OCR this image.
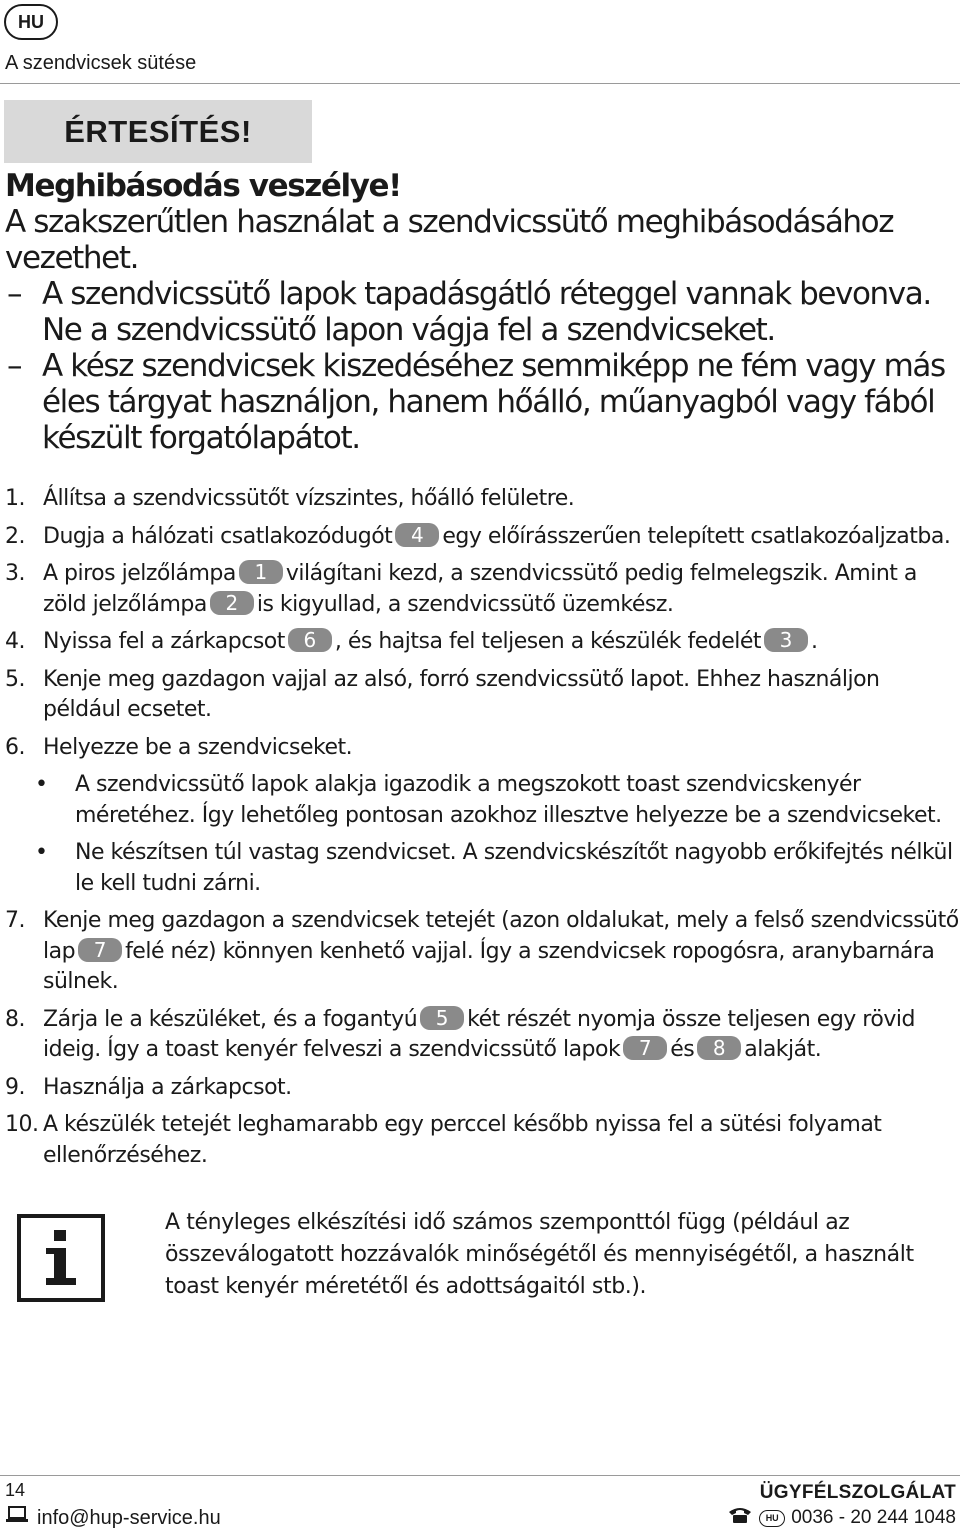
HU
A szendvicsek sütése
ÉRTESÍTÉS!
Meghibásodás veszélye!
A szakszerűtlen használat a szendvicssütő meghibásodásához vezethet.
– A szendvicssütő lapok tapadásgátló réteggel vannak bevonva. Ne a szendvicssütő lapon vágja fel a szendvicseket.
– A kész szendvicsek kiszedéséhez semmiképp ne fém vagy más éles tárgyat használjon, hanem hőálló, műanyagból vagy fából készült forgatólapátot.
1. Állítsa a szendvicssütőt vízszintes, hőálló felületre.
2. Dugja a hálózati csatlakozódugót 4 egy előírásszerűen telepített csatlakozóaljzatba.
3. A piros jelzőlámpa 1 világítani kezd, a szendvicssütő pedig felmelegszik. Amint a zöld jelzőlámpa 2 is kigyullad, a szendvicssütő üzemkész.
4. Nyissa fel a zárkapcsot 6 , és hajtsa fel teljesen a készülék fedelét 3 .
5. Kenje meg gazdagon vajjal az alsó, forró szendvicssütő lapot. Ehhez használjon például ecsetet.
6. Helyezze be a szendvicseket.
• A szendvicssütő lapok alakja igazodik a megszokott toast szendvicskenyér méretéhez. Így lehetőleg pontosan azokhoz illesztve helyezze be a szendvicseket.
• Ne készítsen túl vastag szendvicset. A szendvicskészítőt nagyobb erőkifejtés nélkül le kell tudni zárni.
7. Kenje meg gazdagon a szendvicsek tetejét (azon oldalukat, mely a felső szendvicssütő lap 7 felé néz) könnyen kenhető vajjal. Így a szendvicsek ropogósra, aranybarnára sülnek.
8. Zárja le a készüléket, és a fogantyú 5 két részét nyomja össze teljesen egy rövid ideig. Így a toast kenyér felveszi a szendvicssütő lapok 7 és 8 alakját.
9. Használja a zárkapcsot.
10. A készülék tetejét leghamarabb egy perccel később nyissa fel a sütési folyamat ellenőrzéséhez.
A tényleges elkészítési idő számos szemponttól függ (például az összeválogatott hozzávalók minőségétől és mennyiségétől, a használt toast kenyér méretétől és adottságaitól stb.).
14	ÜGYFÉLSZOLGÁLAT
info@hup-service.hu	HU 0036 - 20 244 1048
